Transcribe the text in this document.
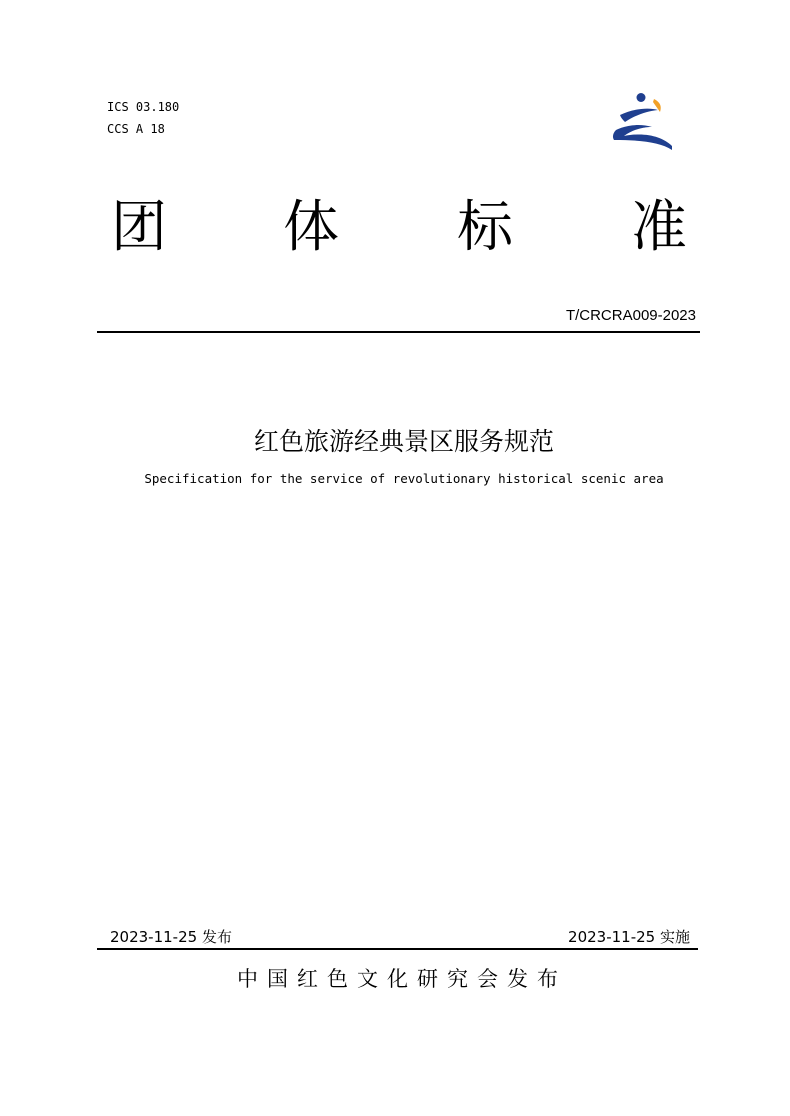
ICS 03.180
CCS A 18
团 体 标 准
T/CRCRA009-2023
红色旅游经典景区服务规范
Specification for the service of revolutionary historical scenic area
2023-11-25 发布	2023-11-25 实施
中国红色文化研究会发布
